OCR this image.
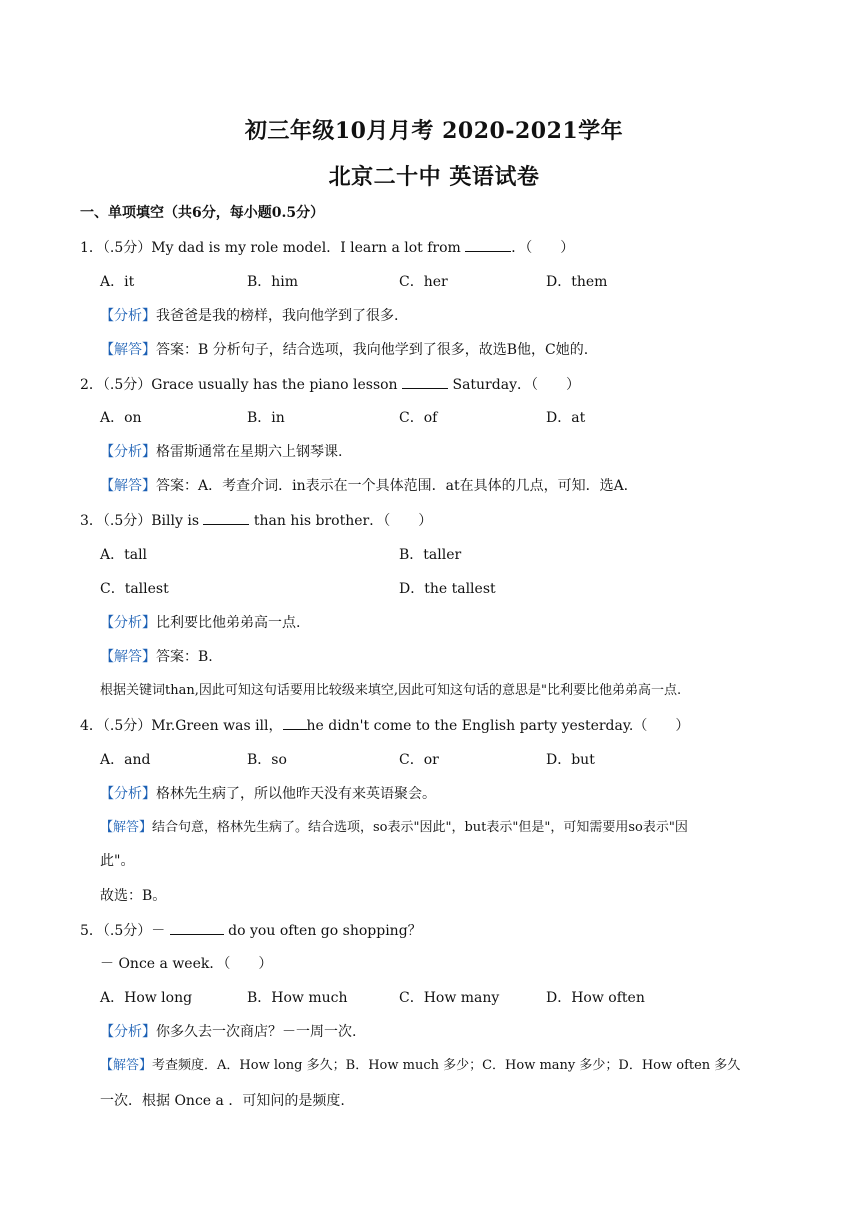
初三年级10月月考 2020-2021学年
北京二十中 英语试卷
一、单项填空（共6分，每小题0.5分）
1．（.5分）My dad is my role model．I learn a lot from	．（　　）
A．it	B．him	C．her	D．them
【分析】我爸爸是我的榜样，我向他学到了很多.
【解答】答案：B 分析句子，结合选项，我向他学到了很多，故选B他，C她的.
2．（.5分）Grace usually has the piano lesson	Saturday．（　　）
A．on	B．in	C．of	D．at
【分析】格雷斯通常在星期六上钢琴课.
【解答】答案：A．考查介词．in表示在一个具体范围．at在具体的几点，可知．选A.
3．（.5分）Billy is	than his brother．（　　）
A．tall	B．taller
C．tallest	D．the tallest
【分析】比利要比他弟弟高一点.
【解答】答案：B.
根据关键词than,因此可知这句话要用比较级来填空,因此可知这句话的意思是"比利要比他弟弟高一点.
4．（.5分）Mr.Green was ill， he didn't come to the English party yesterday.（　　）
A．and	B．so	C．or	D．but
【分析】格林先生病了，所以他昨天没有来英语聚会。
【解答】结合句意，格林先生病了。结合选项，so表示"因此"，but表示"但是"，可知需要用so表示"因
此"。
故选：B。
5．（.5分）－	do you often go shopping？
－ Once a week．（　　）
A．How long	B．How much	C．How many	D．How often
【分析】你多久去一次商店？－一周一次.
【解答】考查频度．A．How long 多久；B．How much 多少；C．How many 多少；D．How often 多久
一次．根据 Once a ．可知问的是频度.
